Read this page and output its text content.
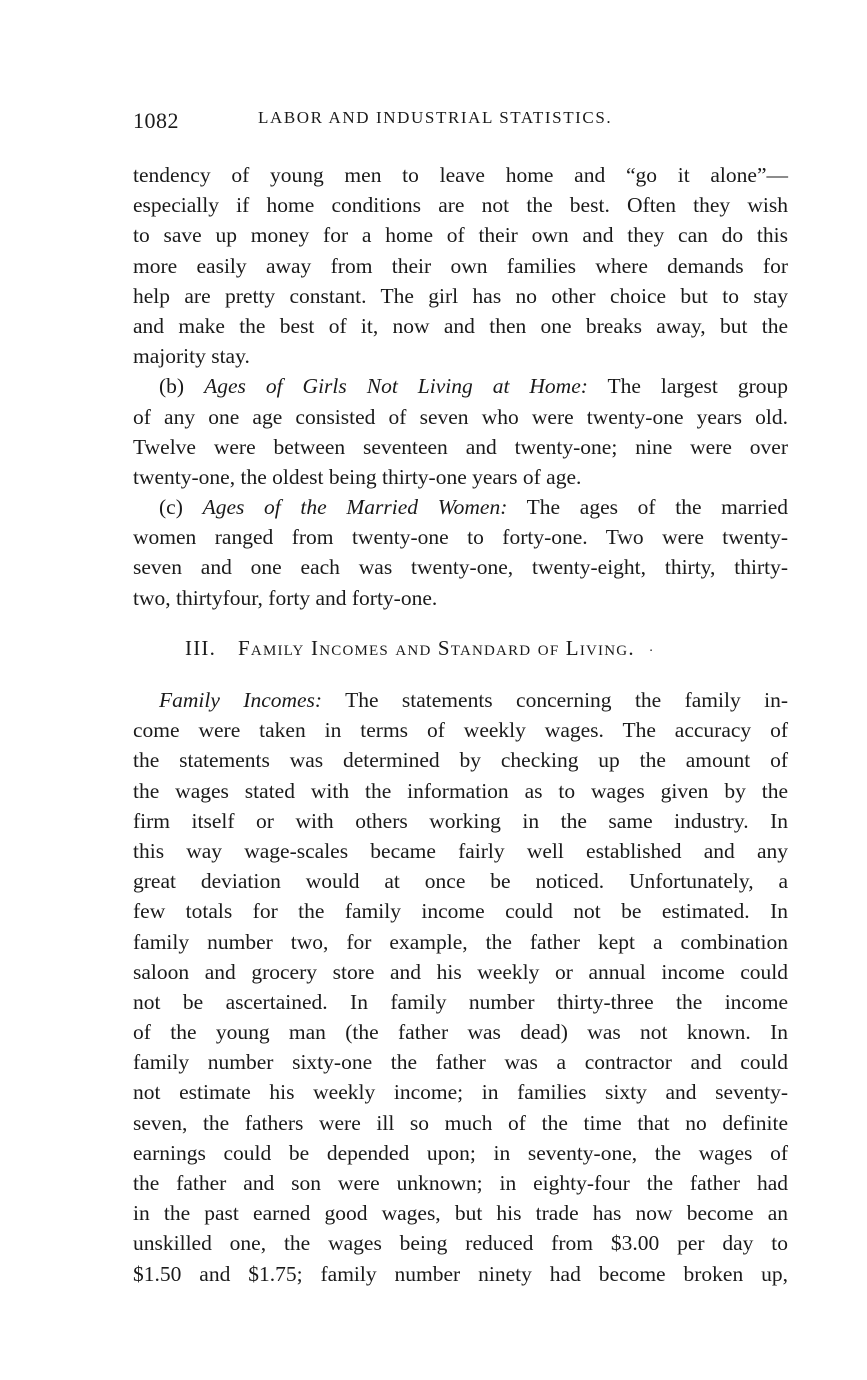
1082	LABOR AND INDUSTRIAL STATISTICS.
tendency of young men to leave home and “go it alone”—
especially if home conditions are not the best. Often they wish
to save up money for a home of their own and they can do this
more easily away from their own families where demands for
help are pretty constant. The girl has no other choice but to stay
and make the best of it, now and then one breaks away, but the
majority stay.
(b) Ages of Girls Not Living at Home: The largest group
of any one age consisted of seven who were twenty-one years old.
Twelve were between seventeen and twenty-one; nine were over
twenty-one, the oldest being thirty-one years of age.
(c) Ages of the Married Women: The ages of the married
women ranged from twenty-one to forty-one. Two were twenty-
seven and one each was twenty-one, twenty-eight, thirty, thirty-
two, thirtyfour, forty and forty-one.
III. Family Incomes and Standard of Living. ·
Family Incomes: The statements concerning the family in-
come were taken in terms of weekly wages. The accuracy of
the statements was determined by checking up the amount of
the wages stated with the information as to wages given by the
firm itself or with others working in the same industry. In
this way wage-scales became fairly well established and any
great deviation would at once be noticed. Unfortunately, a
few totals for the family income could not be estimated. In
family number two, for example, the father kept a combination
saloon and grocery store and his weekly or annual income could
not be ascertained. In family number thirty-three the income
of the young man (the father was dead) was not known. In
family number sixty-one the father was a contractor and could
not estimate his weekly income; in families sixty and seventy-
seven, the fathers were ill so much of the time that no definite
earnings could be depended upon; in seventy-one, the wages of
the father and son were unknown; in eighty-four the father had
in the past earned good wages, but his trade has now become an
unskilled one, the wages being reduced from $3.00 per day to
$1.50 and $1.75; family number ninety had become broken up,
